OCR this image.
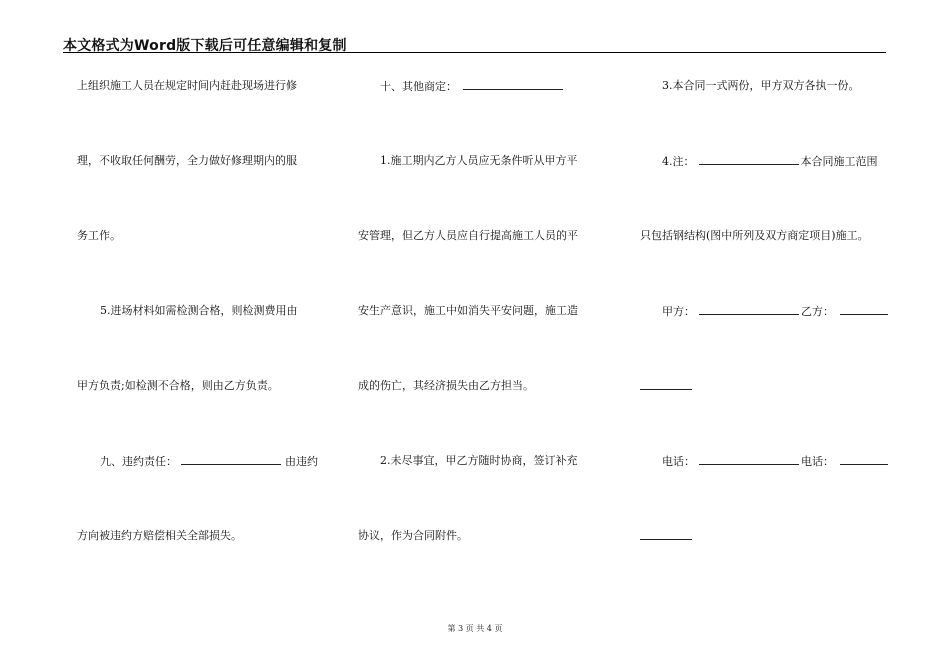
本文格式为Word版下载后可任意编辑和复制
上组织施工人员在规定时间内赶赴现场进行修
理，不收取任何酬劳，全力做好修理期内的服
务工作。
5.进场材料如需检测合格，则检测费用由
甲方负责;如检测不合格，则由乙方负责。
九、违约责任：	由违约
方向被违约方赔偿相关全部损失。
十、其他商定：
1.施工期内乙方人员应无条件听从甲方平
安管理，但乙方人员应自行提高施工人员的平
安生产意识，施工中如消失平安问题，施工造
成的伤亡，其经济损失由乙方担当。
2.未尽事宜，甲乙方随时协商，签订补充
协议，作为合同附件。
3.本合同一式两份，甲方双方各执一份。
4.注：	本合同施工范围
只包括钢结构(图中所列及双方商定项目)施工。
甲方：	乙方：
电话：	电话：
第 3 页 共 4 页
